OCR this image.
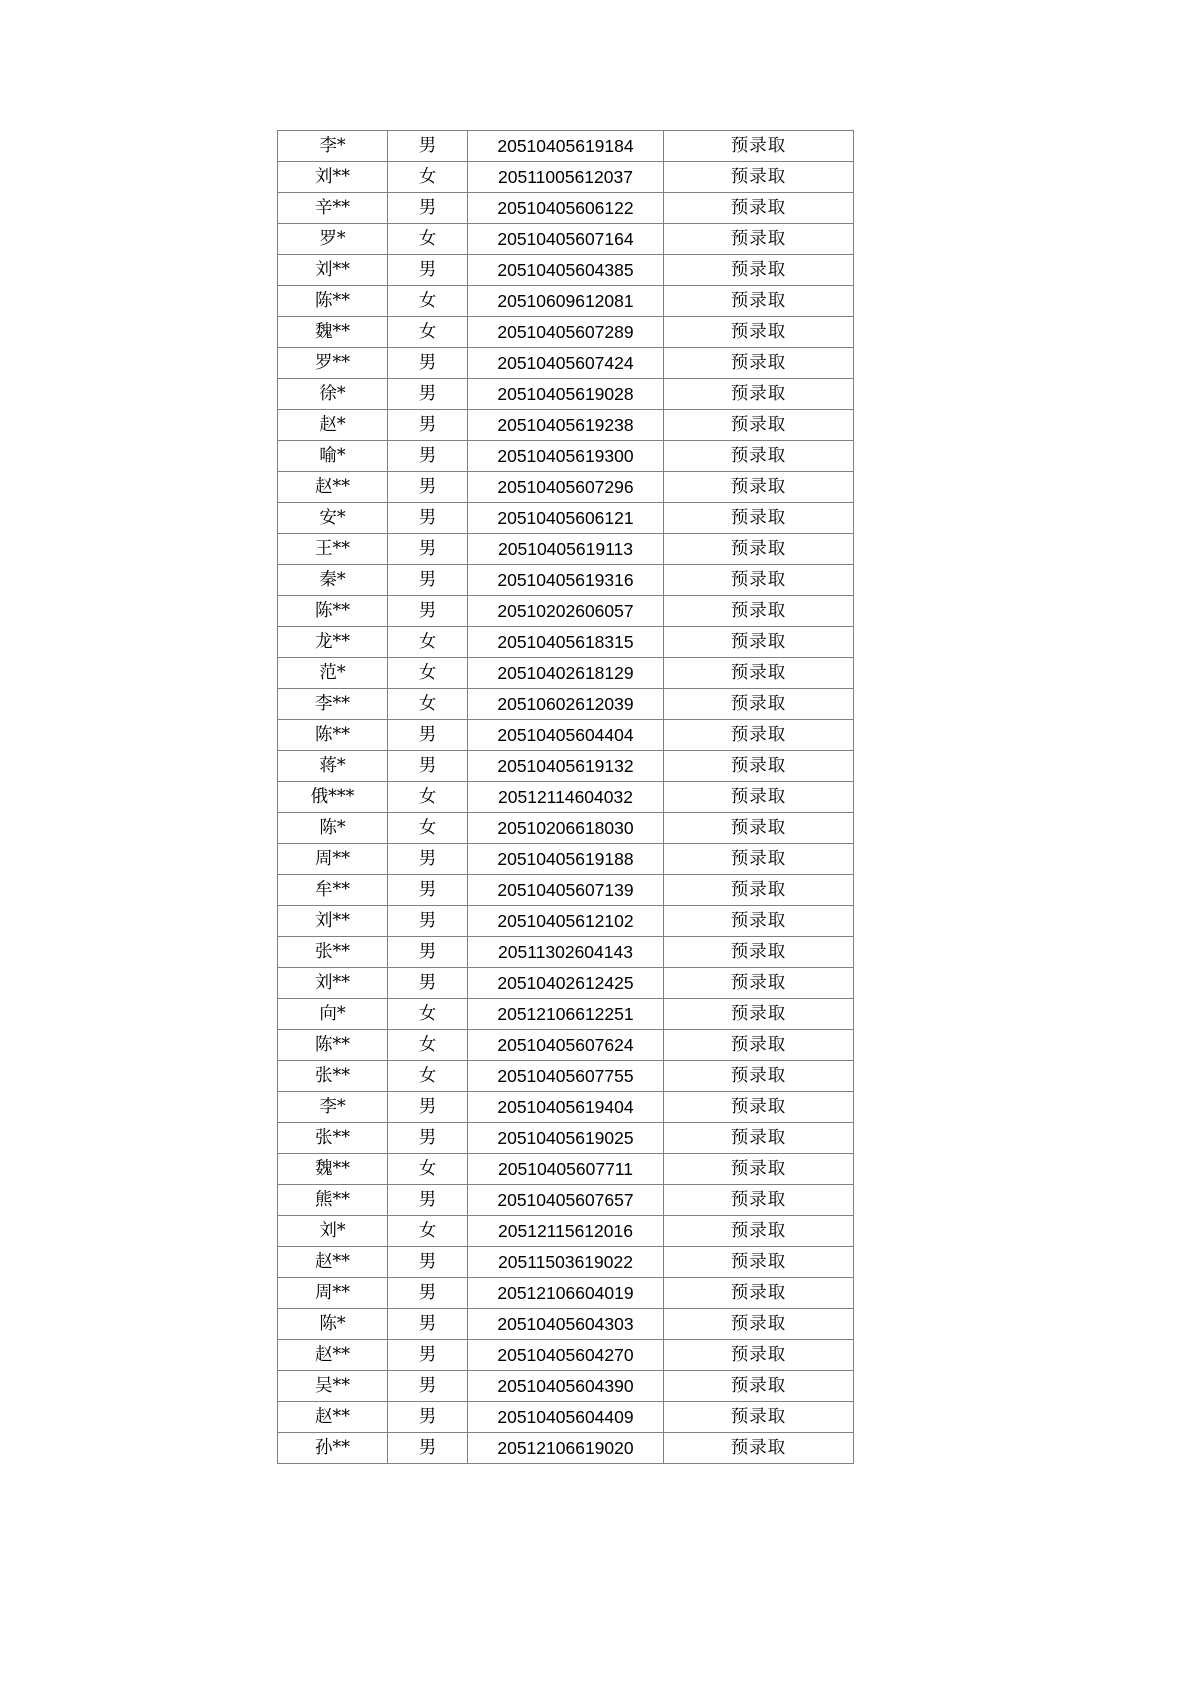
李*	男	20510405619184	预录取
刘**	女	20511005612037	预录取
辛**	男	20510405606122	预录取
罗*	女	20510405607164	预录取
刘**	男	20510405604385	预录取
陈**	女	20510609612081	预录取
魏**	女	20510405607289	预录取
罗**	男	20510405607424	预录取
徐*	男	20510405619028	预录取
赵*	男	20510405619238	预录取
喻*	男	20510405619300	预录取
赵**	男	20510405607296	预录取
安*	男	20510405606121	预录取
王**	男	20510405619113	预录取
秦*	男	20510405619316	预录取
陈**	男	20510202606057	预录取
龙**	女	20510405618315	预录取
范*	女	20510402618129	预录取
李**	女	20510602612039	预录取
陈**	男	20510405604404	预录取
蒋*	男	20510405619132	预录取
俄***	女	20512114604032	预录取
陈*	女	20510206618030	预录取
周**	男	20510405619188	预录取
牟**	男	20510405607139	预录取
刘**	男	20510405612102	预录取
张**	男	20511302604143	预录取
刘**	男	20510402612425	预录取
向*	女	20512106612251	预录取
陈**	女	20510405607624	预录取
张**	女	20510405607755	预录取
李*	男	20510405619404	预录取
张**	男	20510405619025	预录取
魏**	女	20510405607711	预录取
熊**	男	20510405607657	预录取
刘*	女	20512115612016	预录取
赵**	男	20511503619022	预录取
周**	男	20512106604019	预录取
陈*	男	20510405604303	预录取
赵**	男	20510405604270	预录取
吴**	男	20510405604390	预录取
赵**	男	20510405604409	预录取
孙**	男	20512106619020	预录取
